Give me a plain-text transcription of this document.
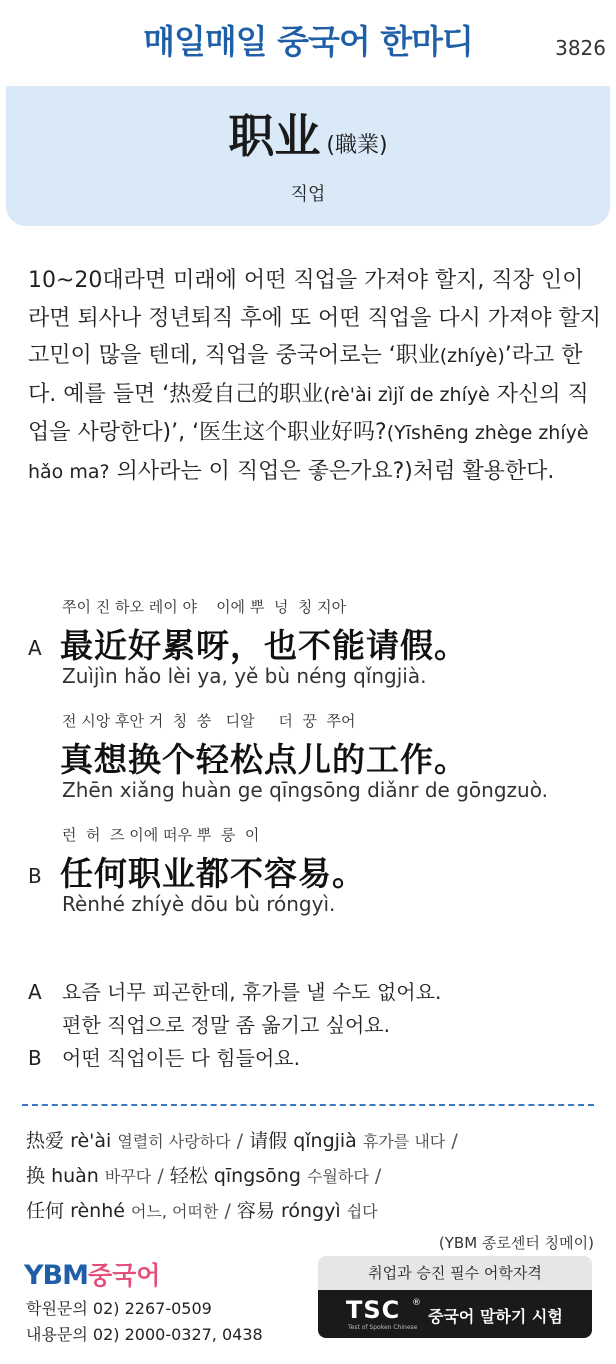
매일매일 중국어 한마디	3826
职业 (職業)
직업
10~20대라면 미래에 어떤 직업을 가져야 할지, 직장 인이라면 퇴사나 정년퇴직 후에 또 어떤 직업을 다시 가져야 할지 고민이 많을 텐데, 직업을 중국어로는 ‘职业(zhíyè)’라고 한다. 예를 들면 ‘热爱自己的职业(rè'ài zìjǐ de zhíyè 자신의 직업을 사랑한다)’, ‘医生这个职业好吗?(Yīshēng zhège zhíyè hǎo ma? 의사라는 이 직업은 좋은가요?)처럼 활용한다.
쭈이 진 하오 레이 야    이에 뿌  넝  칭 지아
A 最近好累呀，也不能请假。
Zuìjìn hǎo lèi ya, yě bù néng qǐngjià.
전 시앙 후안 거  칭  쑹   디알     더  꿍  쭈어
真想换个轻松点儿的工作。
Zhēn xiǎng huàn ge qīngsōng diǎnr de gōngzuò.
런  허  즈 이에 떠우 뿌  룽  이
B 任何职业都不容易。
Rènhé zhíyè dōu bù róngyì.
A	요즘 너무 피곤한데, 휴가를 낼 수도 없어요.
편한 직업으로 정말 좀 옮기고 싶어요.
B	어떤 직업이든 다 힘들어요.
热爱 rè'ài 열렬히 사랑하다 / 请假 qǐngjià 휴가를 내다 /
换 huàn 바꾸다 / 轻松 qīngsōng 수월하다 /
任何 rènhé 어느, 어떠한 / 容易 róngyì 쉽다
(YBM 종로센터 칭메이)
YBM중국어
학원문의 02) 2267-0509
내용문의 02) 2000-0327, 0438
취업과 승진 필수 어학자격
TSC ®
Test of Spoken Chinese
중국어 말하기 시험
